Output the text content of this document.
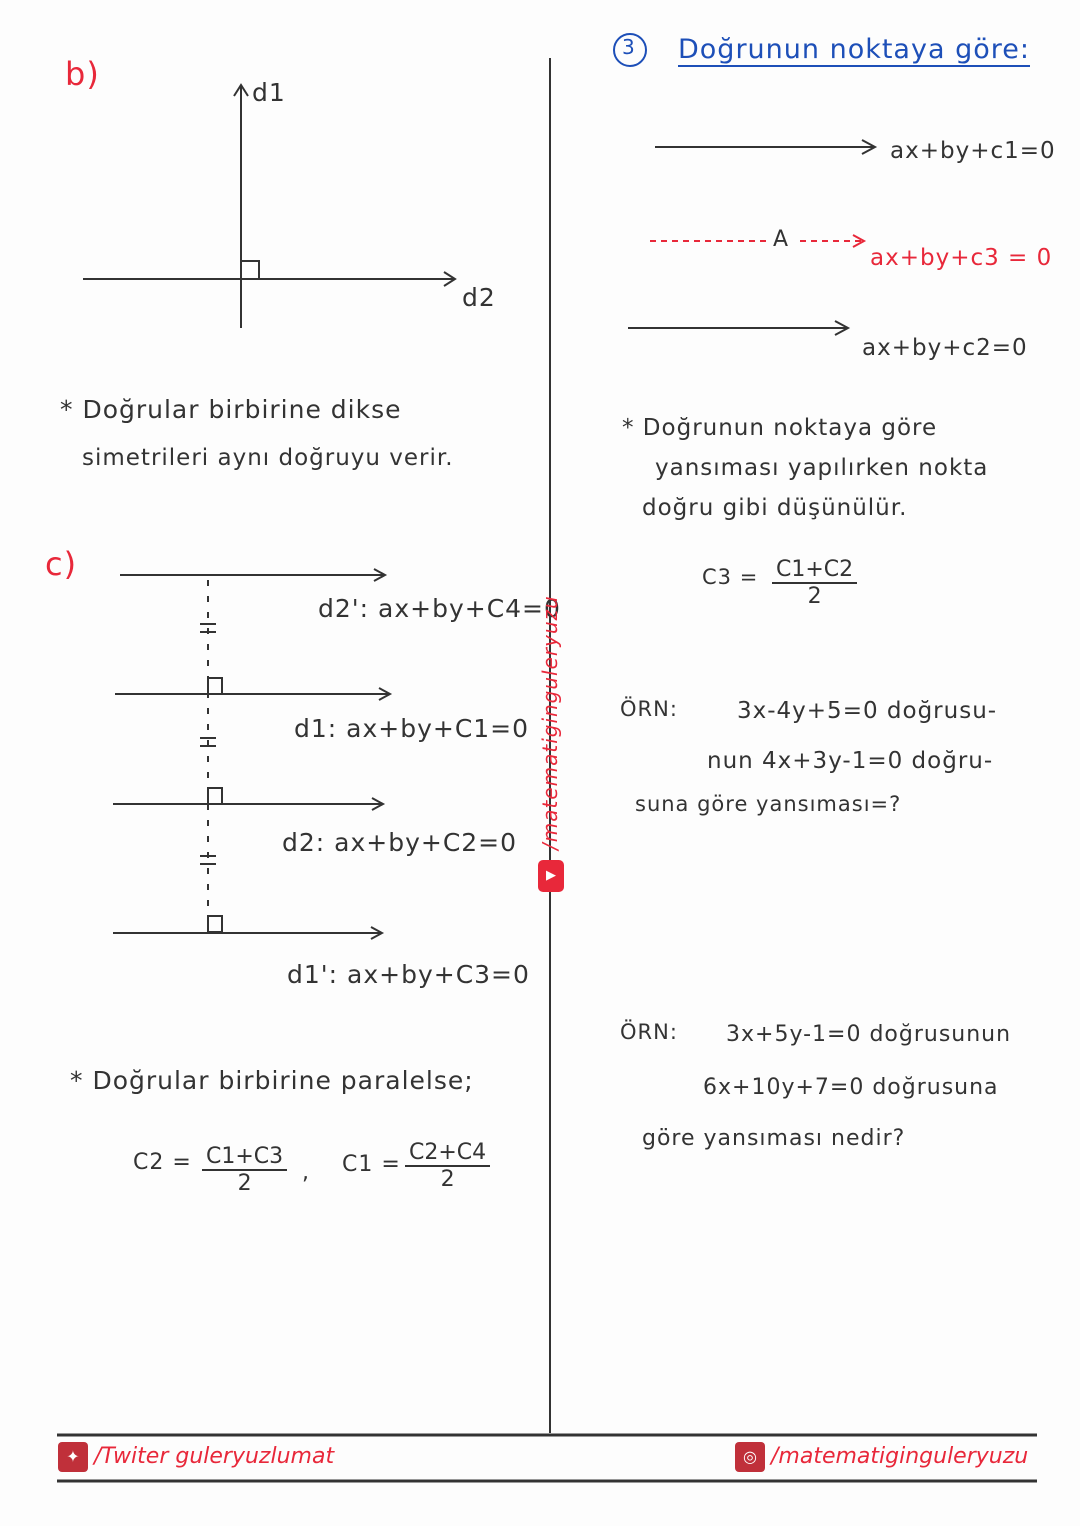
b)	d1
d2
* Doğrular birbirine dikse
simetrileri aynı doğruyu verir.
c)
d2': ax+by+C4=0
d1: ax+by+C1=0
d2: ax+by+C2=0
d1': ax+by+C3=0
* Doğrular birbirine paralelse;
$C2 = \frac{C1+C3}{2}$ , $C1 = \frac{C2+C4}{2}$
/matematiginguleryuzu
▶
3 Doğrunun noktaya göre:
ax+by+c1=0
A
ax+by+c3 = 0
ax+by+c2=0
* Doğrunun noktaya göre
yansıması yapılırken nokta
doğru gibi düşünülür.
$C3 = \frac{C1+C2}{2}$
ÖRN:	3x-4y+5=0 doğrusu-
nun 4x+3y-1=0 doğru-
suna göre yansıması=?
ÖRN: 3x+5y-1=0 doğrusunun
6x+10y+7=0 doğrusuna
göre yansıması nedir?
✦ /Twiter guleryuzlumat	◎ /matematiginguleryuzu
